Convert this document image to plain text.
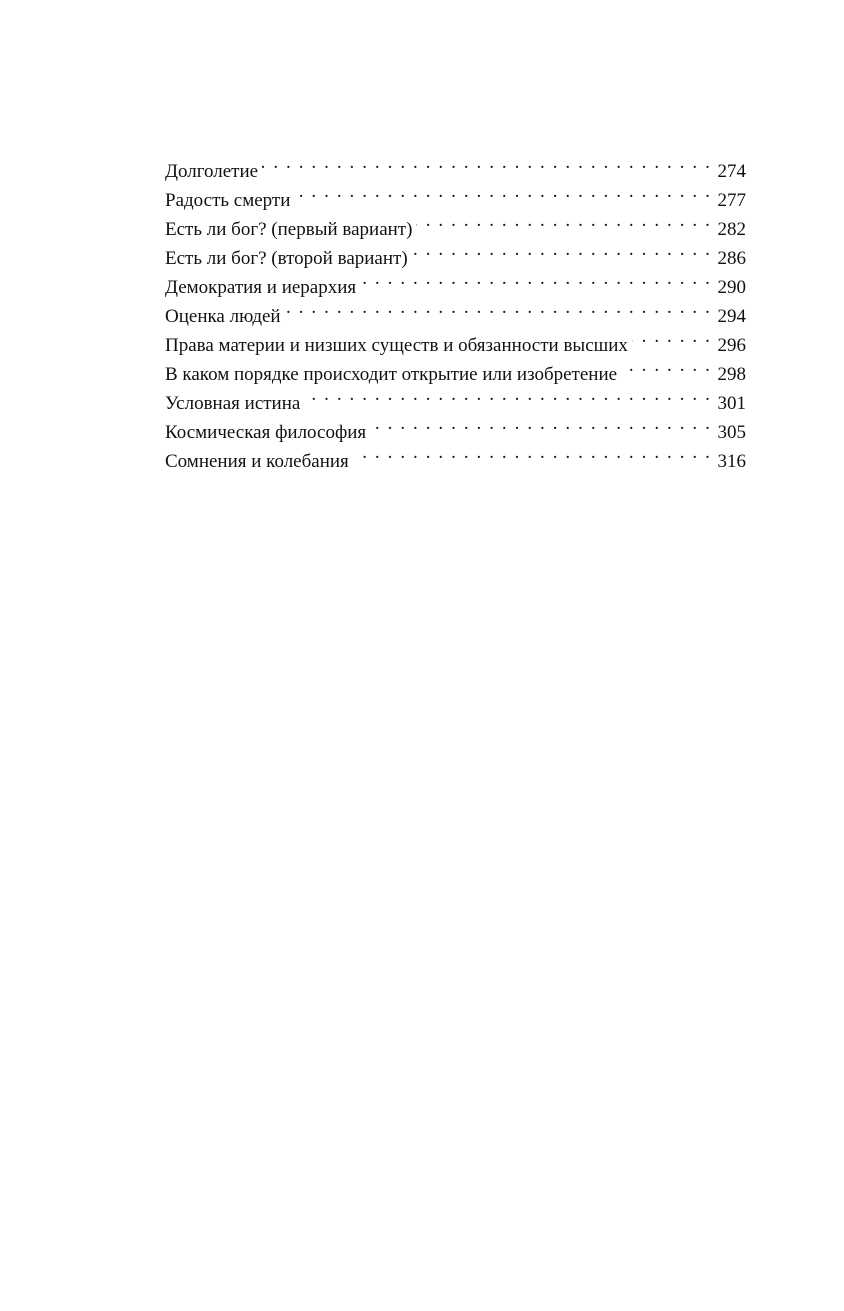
Долголетие . . .	274
Радость смерти . . .	277
Есть ли бог? (первый вариант) . . .	282
Есть ли бог? (второй вариант) . . .	286
Демократия и иерархия . . .	290
Оценка людей . . .	294
Права материи и низших существ и обязанности высших . . .	296
В каком порядке происходит открытие или изобретение . . .	298
Условная истина . . .	301
Космическая философия . . .	305
Сомнения и колебания . . .	316
